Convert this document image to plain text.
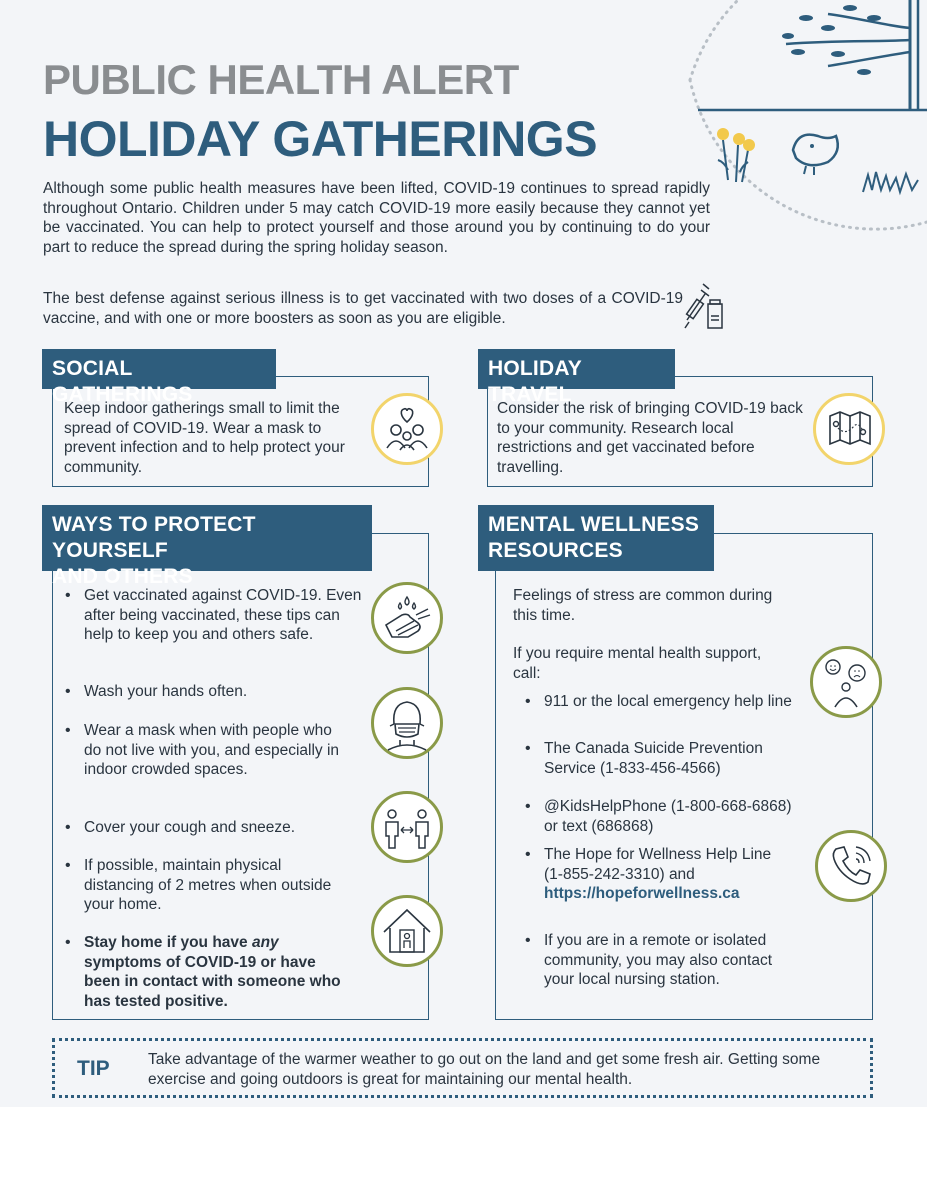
PUBLIC HEALTH ALERT
HOLIDAY GATHERINGS

Although some public health measures have been lifted, COVID-19 continues to spread rapidly throughout Ontario. Children under 5 may catch COVID-19 more easily because they cannot yet be vaccinated. You can help to protect yourself and those around you by continuing to do your part to reduce the spread during the spring holiday season.

The best defense against serious illness is to get vaccinated with two doses of a COVID-19 vaccine, and with one or more boosters as soon as you are eligible.

SOCIAL GATHERINGS

Keep indoor gatherings small to limit the spread of COVID-19. Wear a mask to prevent infection and to help protect your community.

HOLIDAY TRAVEL

Consider the risk of bringing COVID-19 back to your community. Research local restrictions and get vaccinated before travelling.

WAYS TO PROTECT YOURSELF
AND OTHERS
• Get vaccinated against COVID-19. Even after being vaccinated, these tips can help to keep you and others safe.
• Wash your hands often.
• Wear a mask when with people who do not live with you, and especially in indoor crowded spaces.
• Cover your cough and sneeze.
• If possible, maintain physical distancing of 2 metres when outside your home.
• Stay home if you have any symptoms of COVID-19 or have been in contact with someone who has tested positive.
MENTAL WELLNESS
RESOURCES

Feelings of stress are common during this time.

If you require mental health support, call:

• 911 or the local emergency help line
• The Canada Suicide Prevention Service (1-833-456-4566)
• @KidsHelpPhone (1-800-668-6868) or text (686868)
• The Hope for Wellness Help Line
(1-855-242-3310) and
https://hopeforwellness.ca
• If you are in a remote or isolated community, you may also contact your local nursing station.
TIP Take advantage of the warmer weather to go out on the land and get some fresh air. Getting some exercise and going outdoors is great for maintaining our mental health.
